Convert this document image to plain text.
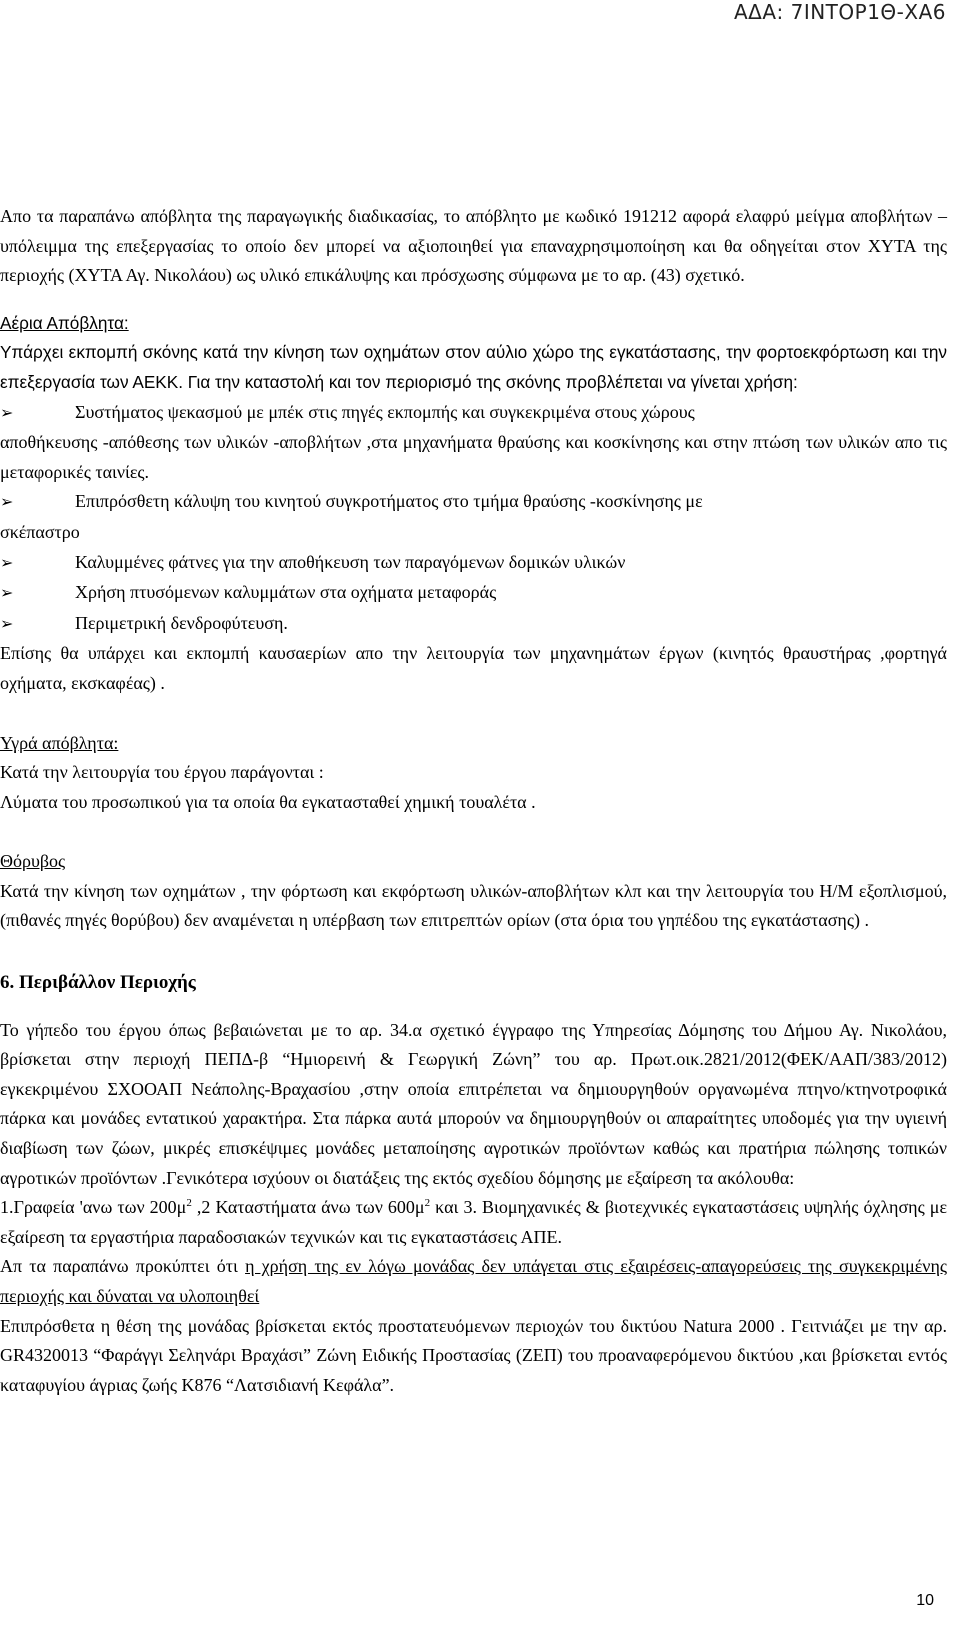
ΑΔΑ: 7ΙΝΤΟΡ1Θ-ΧΑ6

Απο τα παραπάνω απόβλητα της παραγωγικής διαδικασίας, το απόβλητο με κωδικό 191212 αφορά ελαφρύ μείγμα αποβλήτων – υπόλειμμα της επεξεργασίας το οποίο δεν μπορεί να αξιοποιηθεί για επαναχρησιμοποίηση και θα οδηγείται στον ΧΥΤΑ της περιοχής (ΧΥΤΑ Αγ. Νικολάου) ως υλικό επικάλυψης και πρόσχωσης σύμφωνα με το αρ. (43) σχετικό.

Αέρια Απόβλητα:

Υπάρχει εκπομπή σκόνης κατά την κίνηση των οχημάτων στον αύλιο χώρο της εγκατάστασης, την φορτοεκφόρτωση και την επεξεργασία των ΑΕΚΚ. Για την καταστολή και τον περιορισμό της σκόνης προβλέπεται να γίνεται χρήση:

➢	Συστήματος ψεκασμού με μπέκ στις πηγές εκπομπής και συγκεκριμένα στους χώρους

αποθήκευσης -απόθεσης των υλικών -αποβλήτων ,στα μηχανήματα θραύσης και κοσκίνησης και στην πτώση των υλικών απο τις μεταφορικές ταινίες.

➢	Επιπρόσθετη κάλυψη του κινητού συγκροτήματος στο τμήμα θραύσης -κοσκίνησης με

σκέπαστρο

➢	Καλυμμένες φάτνες για την αποθήκευση των παραγόμενων δομικών υλικών
➢	Χρήση πτυσόμενων καλυμμάτων στα οχήματα μεταφοράς
➢	Περιμετρική δενδροφύτευση.

Επίσης θα υπάρχει και εκπομπή καυσαερίων απο την λειτουργία των μηχανημάτων έργων (κινητός θραυστήρας ,φορτηγά οχήματα, εκσκαφέας) .

Υγρά απόβλητα:

Κατά την λειτουργία του έργου παράγονται :

Λύματα του προσωπικού για τα οποία θα εγκατασταθεί χημική τουαλέτα .

Θόρυβος

Κατά την κίνηση των οχημάτων , την φόρτωση και εκφόρτωση υλικών-αποβλήτων κλπ και την λειτουργία του Η/Μ εξοπλισμού, (πιθανές πηγές θορύβου) δεν αναμένεται η υπέρβαση των επιτρεπτών ορίων (στα όρια του γηπέδου της εγκατάστασης) .

6. Περιβάλλον Περιοχής

Το γήπεδο του έργου όπως βεβαιώνεται με το αρ. 34.α σχετικό έγγραφο της Υπηρεσίας Δόμησης του Δήμου Αγ. Νικολάου, βρίσκεται στην περιοχή ΠΕΠΔ-β “Ημιορεινή & Γεωργική Ζώνη” του αρ. Πρωτ.οικ.2821/2012(ΦΕΚ/ΑΑΠ/383/2012) εγκεκριμένου ΣΧΟΟΑΠ Νεάπολης-Βραχασίου ,στην οποία επιτρέπεται να δημιουργηθούν οργανωμένα πτηνο/κτηνοτροφικά πάρκα και μονάδες εντατικού χαρακτήρα. Στα πάρκα αυτά μπορούν να δημιουργηθούν οι απαραίτητες υποδομές για την υγιεινή διαβίωση των ζώων, μικρές επισκέψιμες μονάδες μεταποίησης αγροτικών προϊόντων καθώς και πρατήρια πώλησης τοπικών αγροτικών προϊόντων .Γενικότερα ισχύουν οι διατάξεις της εκτός σχεδίου δόμησης με εξαίρεση τα ακόλουθα:

1.Γραφεία 'ανω των $200\mu^2$ ,2 Καταστήματα άνω των $600\mu^2$ και 3. Βιομηχανικές & βιοτεχνικές εγκαταστάσεις υψηλής όχλησης με εξαίρεση τα εργαστήρια παραδοσιακών τεχνικών και τις εγκαταστάσεις ΑΠΕ.

Απ τα παραπάνω προκύπτει ότι η χρήση της εν λόγω μονάδας δεν υπάγεται στις εξαιρέσεις-απαγορεύσεις της συγκεκριμένης περιοχής και δύναται να υλοποιηθεί

Επιπρόσθετα η θέση της μονάδας βρίσκεται εκτός προστατευόμενων περιοχών του δικτύου Natura 2000 . Γειτνιάζει με την αρ. GR4320013 “Φαράγγι Σεληνάρι Βραχάσι” Ζώνη Ειδικής Προστασίας (ΖΕΠ) του προαναφερόμενου δικτύου ,και βρίσκεται εντός καταφυγίου άγριας ζωής Κ876 “Λατσιδιανή Κεφάλα”.

10
